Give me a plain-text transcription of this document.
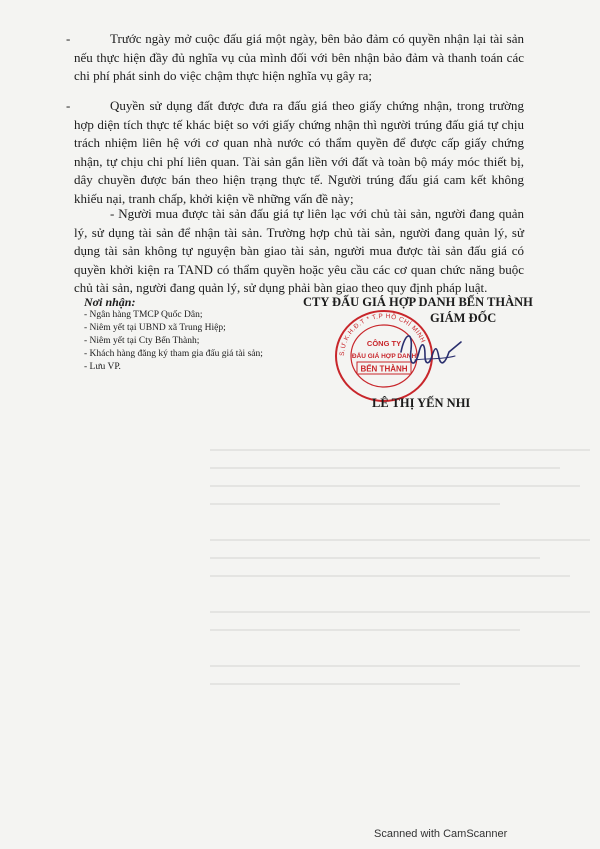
-	Trước ngày mở cuộc đấu giá một ngày, bên bảo đảm có quyền nhận lại tài sản nếu thực hiện đầy đủ nghĩa vụ của mình đối với bên nhận bảo đảm và thanh toán các chi phí phát sinh do việc chậm thực hiện nghĩa vụ gây ra;
-	Quyền sử dụng đất được đưa ra đấu giá theo giấy chứng nhận, trong trường hợp diện tích thực tế khác biệt so với giấy chứng nhận thì người trúng đấu giá tự chịu trách nhiệm liên hệ với cơ quan nhà nước có thẩm quyền để được cấp giấy chứng nhận, tự chịu chi phí liên quan. Tài sản gắn liền với đất và toàn bộ máy móc thiết bị, dây chuyền được bán theo hiện trạng thực tế. Người trúng đấu giá cam kết không khiếu nại, tranh chấp, khởi kiện về những vấn đề này;
- Người mua được tài sản đấu giá tự liên lạc với chủ tài sản, người đang quản lý, sử dụng tài sản để nhận tài sản. Trường hợp chủ tài sản, người đang quản lý, sử dụng tài sản không tự nguyện bàn giao tài sản, người mua được tài sản đấu giá có quyền khởi kiện ra TAND có thẩm quyền hoặc yêu cầu các cơ quan chức năng buộc chủ tài sản, người đang quản lý, sử dụng phải bàn giao theo quy định pháp luật.
Nơi nhận:
- Ngân hàng TMCP Quốc Dân;
- Niêm yết tại UBND xã Trung Hiệp;
- Niêm yết tại Cty Bến Thành;
- Khách hàng đăng ký tham gia đấu giá tài sản;
- Lưu VP.
CTY ĐẤU GIÁ HỢP DANH BẾN THÀNH
GIÁM ĐỐC
S.Ư.K.H.Đ.T * T.P HỒ CHÍ MINH
CÔNG TY
ĐẤU GIÁ HỢP DANH
BẾN THÀNH
LÊ THỊ YẾN NHI
Scanned with CamScanner
